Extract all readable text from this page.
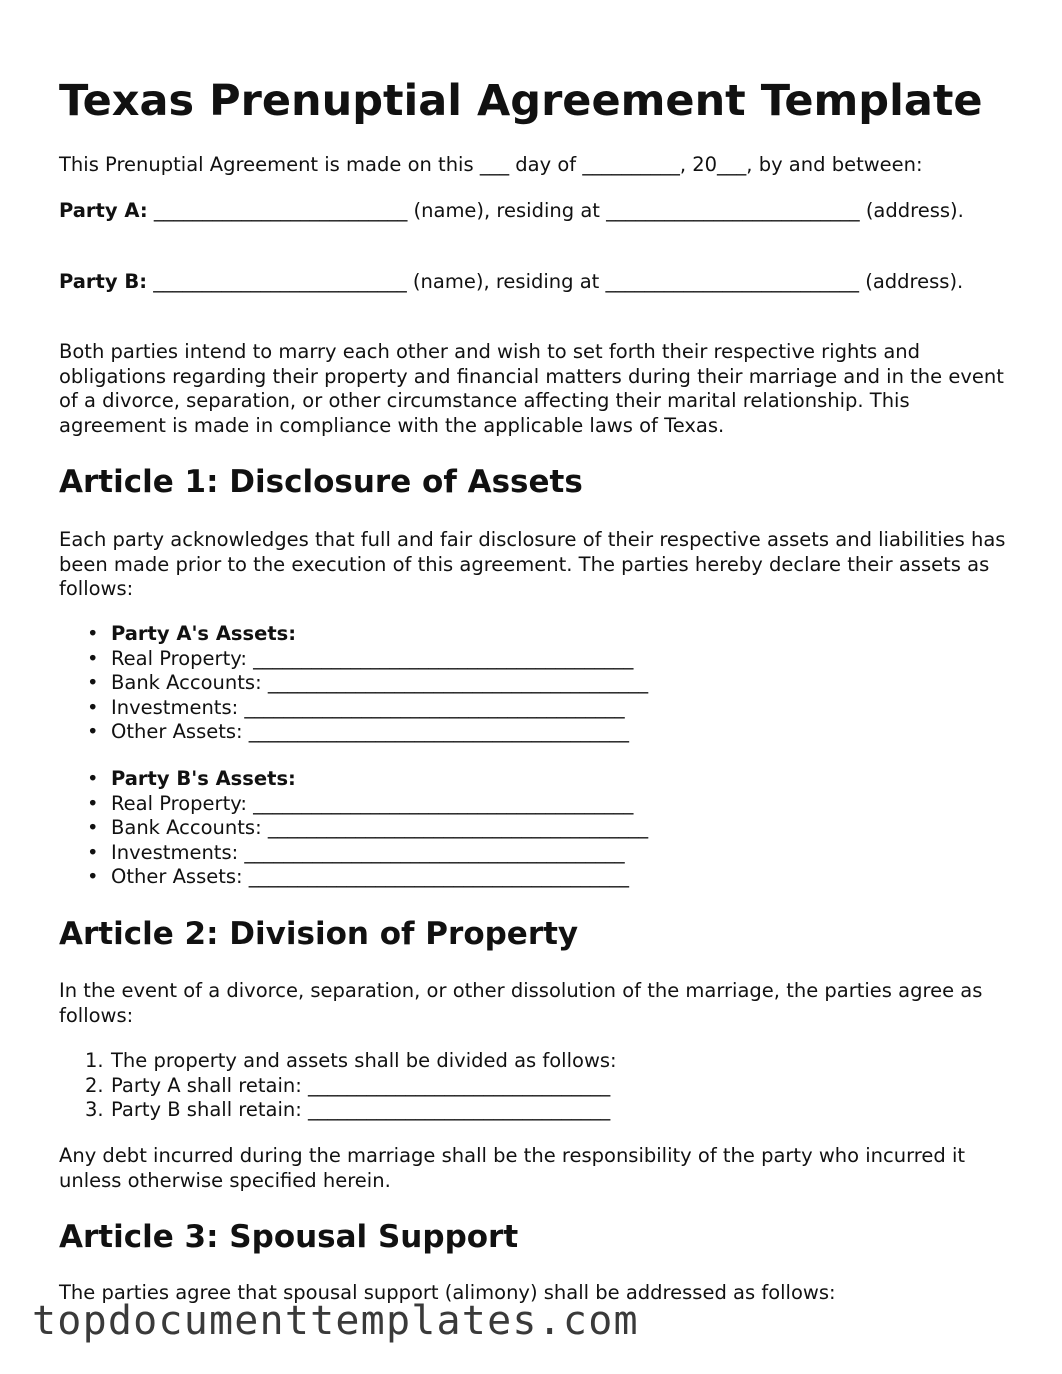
Texas Prenuptial Agreement Template

This Prenuptial Agreement is made on this ___ day of __________, 20___, by and between:

Party A: __________________________ (name), residing at __________________________ (address).

Party B: __________________________ (name), residing at __________________________ (address).

Both parties intend to marry each other and wish to set forth their respective rights and obligations regarding their property and financial matters during their marriage and in the event of a divorce, separation, or other circumstance affecting their marital relationship. This agreement is made in compliance with the applicable laws of Texas.

Article 1: Disclosure of Assets

Each party acknowledges that full and fair disclosure of their respective assets and liabilities has been made prior to the execution of this agreement. The parties hereby declare their assets as follows:

• Party A's Assets:
• Real Property: _______________________________________
• Bank Accounts: _______________________________________
• Investments: _______________________________________
• Other Assets: _______________________________________
• Party B's Assets:
• Real Property: _______________________________________
• Bank Accounts: _______________________________________
• Investments: _______________________________________
• Other Assets: _______________________________________
Article 2: Division of Property

In the event of a divorce, separation, or other dissolution of the marriage, the parties agree as follows:

1. The property and assets shall be divided as follows:
2. Party A shall retain: _______________________________
3. Party B shall retain: _______________________________

Any debt incurred during the marriage shall be the responsibility of the party who incurred it unless otherwise specified herein.

Article 3: Spousal Support

The parties agree that spousal support (alimony) shall be addressed as follows:

topdocumenttemplates.com
